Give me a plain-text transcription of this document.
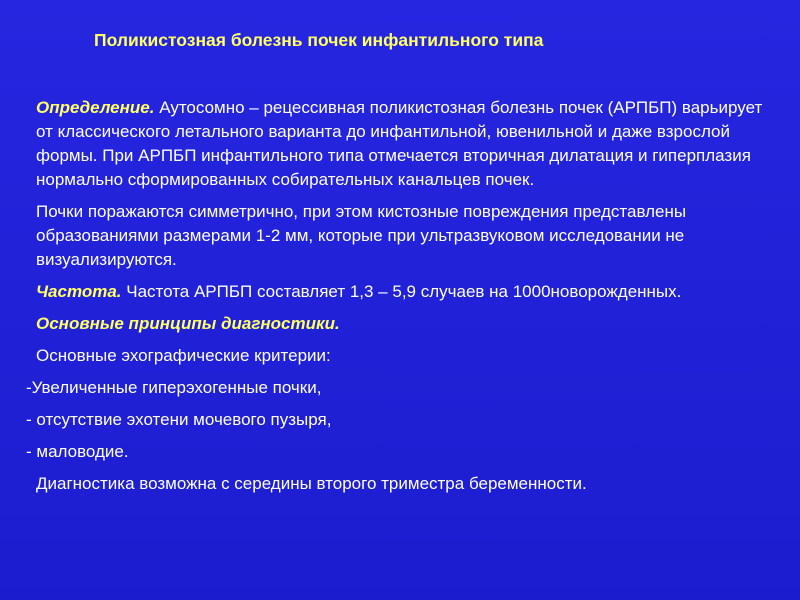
Поликистозная болезнь почек инфантильного типа

Определение. Аутосомно – рецессивная поликистозная болезнь почек (АРПБП) варьирует от классического летального варианта до инфантильной, ювенильной и даже взрослой формы. При АРПБП инфантильного типа отмечается вторичная дилатация и гиперплазия нормально сформированных собирательных канальцев почек.

Почки поражаются симметрично, при этом кистозные повреждения представлены образованиями размерами 1-2 мм, которые при ультразвуковом исследовании не визуализируются.

Частота. Частота АРПБП составляет 1,3 – 5,9 случаев на 1000новорожденных.

Основные принципы диагностики.

Основные эхографические критерии:

-Увеличенные гиперэхогенные почки,

- отсутствие эхотени мочевого пузыря,

- маловодие.

Диагностика возможна с середины второго триместра беременности.
